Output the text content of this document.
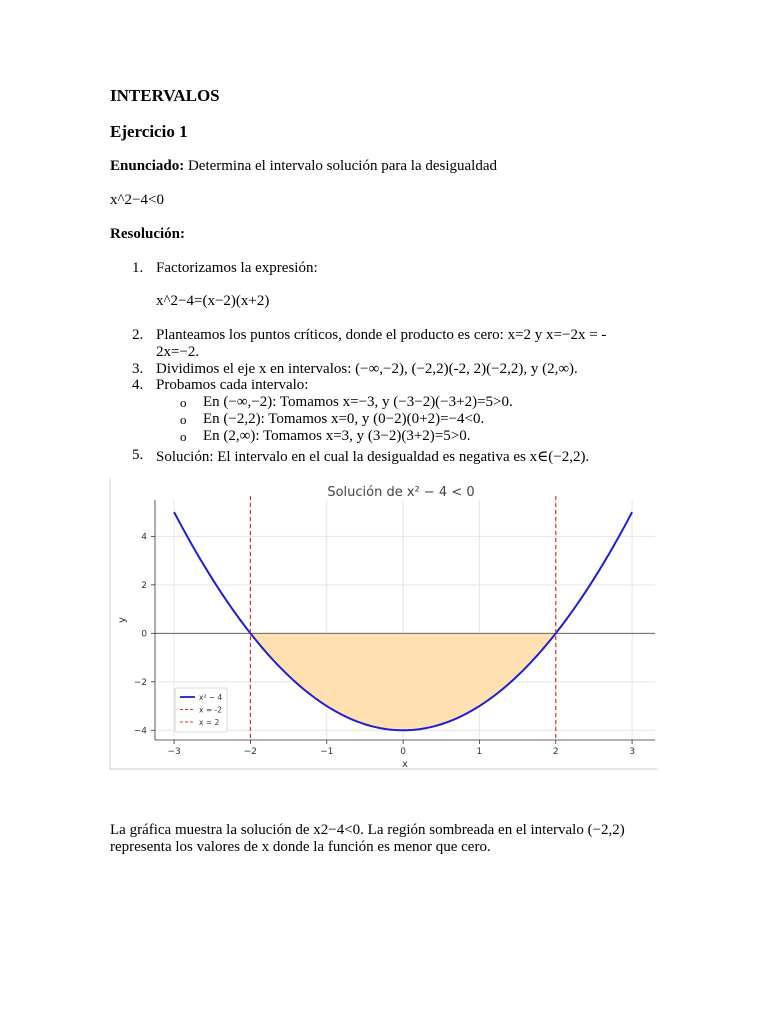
INTERVALOS
Ejercicio 1
Enunciado: Determina el intervalo solución para la desigualdad
x^2−4<0
Resolución:
1. Factorizamos la expresión:
x^2−4=(x−2)(x+2)
2. Planteamos los puntos críticos, donde el producto es cero: x=2 y x=−2x = -
2x=−2.
3. Dividimos el eje x en intervalos: (−∞,−2), (−2,2)(-2, 2)(−2,2), y (2,∞).
4. Probamos cada intervalo:
o En (−∞,−2): Tomamos x=−3, y (−3−2)(−3+2)=5>0.
o En (−2,2): Tomamos x=0, y (0−2)(0+2)=−4<0.
o En (2,∞): Tomamos x=3, y (3−2)(3+2)=5>0.
5. Solución: El intervalo en el cual la desigualdad es negativa es x∈(−2,2).
−3	−2	−1	0	1	2	3
−4
−2
0
2
4
x
y
Solución de x² − 4 < 0
x² − 4
x = -2
x = 2
La gráfica muestra la solución de x2−4<0. La región sombreada en el intervalo (−2,2)
representa los valores de x donde la función es menor que cero.
